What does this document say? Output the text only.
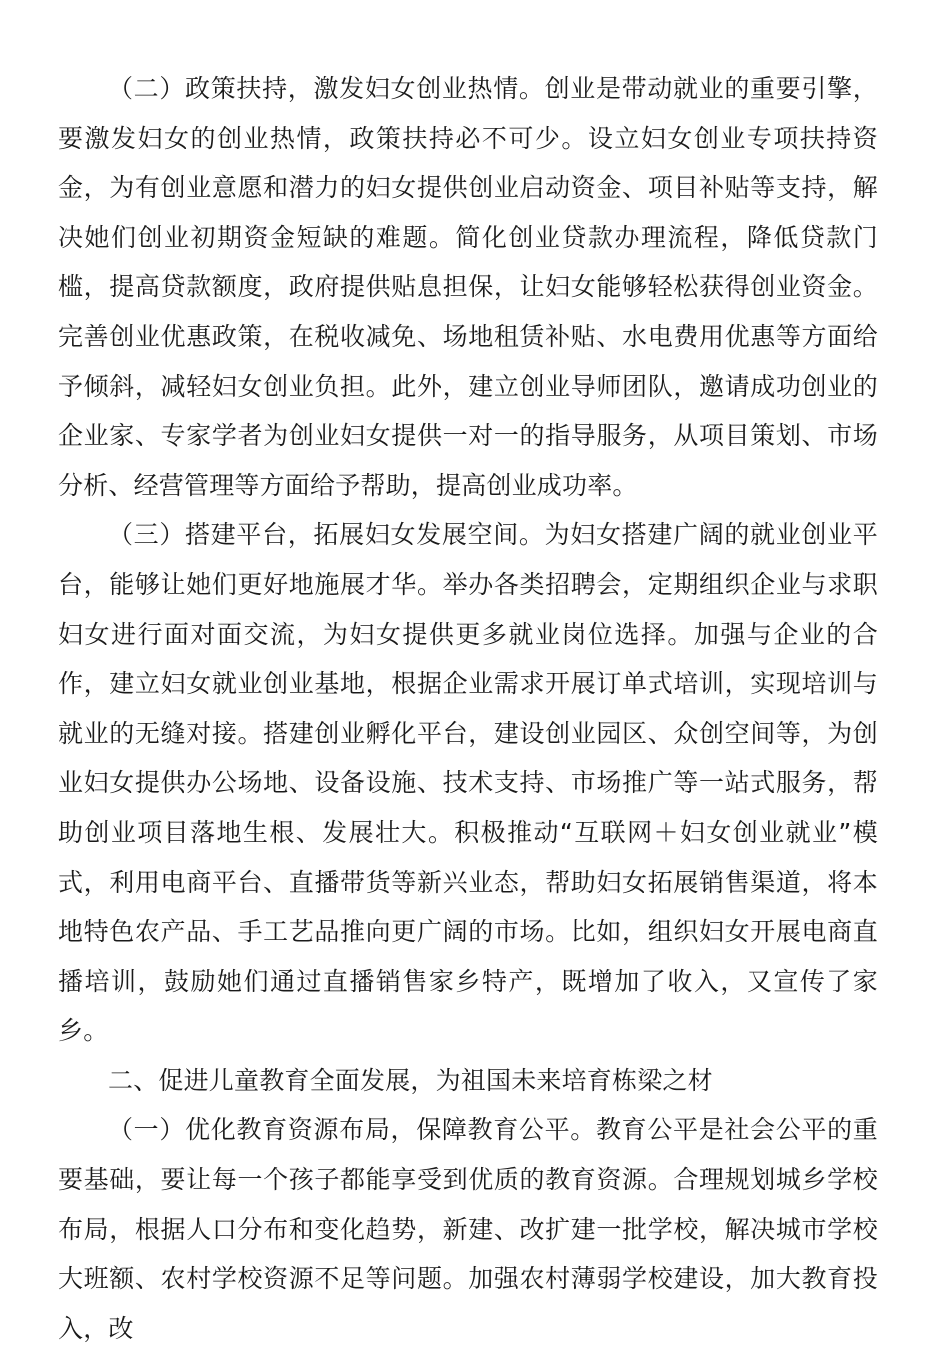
（二）政策扶持，激发妇女创业热情。创业是带动就业的重要引擎，要激发妇女的创业热情，政策扶持必不可少。设立妇女创业专项扶持资金，为有创业意愿和潜力的妇女提供创业启动资金、项目补贴等支持，解决她们创业初期资金短缺的难题。简化创业贷款办理流程，降低贷款门槛，提高贷款额度，政府提供贴息担保，让妇女能够轻松获得创业资金。完善创业优惠政策，在税收减免、场地租赁补贴、水电费用优惠等方面给予倾斜，减轻妇女创业负担。此外，建立创业导师团队，邀请成功创业的企业家、专家学者为创业妇女提供一对一的指导服务，从项目策划、市场分析、经营管理等方面给予帮助，提高创业成功率。

（三）搭建平台，拓展妇女发展空间。为妇女搭建广阔的就业创业平台，能够让她们更好地施展才华。举办各类招聘会，定期组织企业与求职妇女进行面对面交流，为妇女提供更多就业岗位选择。加强与企业的合作，建立妇女就业创业基地，根据企业需求开展订单式培训，实现培训与就业的无缝对接。搭建创业孵化平台，建设创业园区、众创空间等，为创业妇女提供办公场地、设备设施、技术支持、市场推广等一站式服务，帮助创业项目落地生根、发展壮大。积极推动“互联网＋妇女创业就业”模式，利用电商平台、直播带货等新兴业态，帮助妇女拓展销售渠道，将本地特色农产品、手工艺品推向更广阔的市场。比如，组织妇女开展电商直播培训，鼓励她们通过直播销售家乡特产，既增加了收入，又宣传了家乡。

二、促进儿童教育全面发展，为祖国未来培育栋梁之材

（一）优化教育资源布局，保障教育公平。教育公平是社会公平的重要基础，要让每一个孩子都能享受到优质的教育资源。合理规划城乡学校布局，根据人口分布和变化趋势，新建、改扩建一批学校，解决城市学校大班额、农村学校资源不足等问题。加强农村薄弱学校建设，加大教育投入，改
